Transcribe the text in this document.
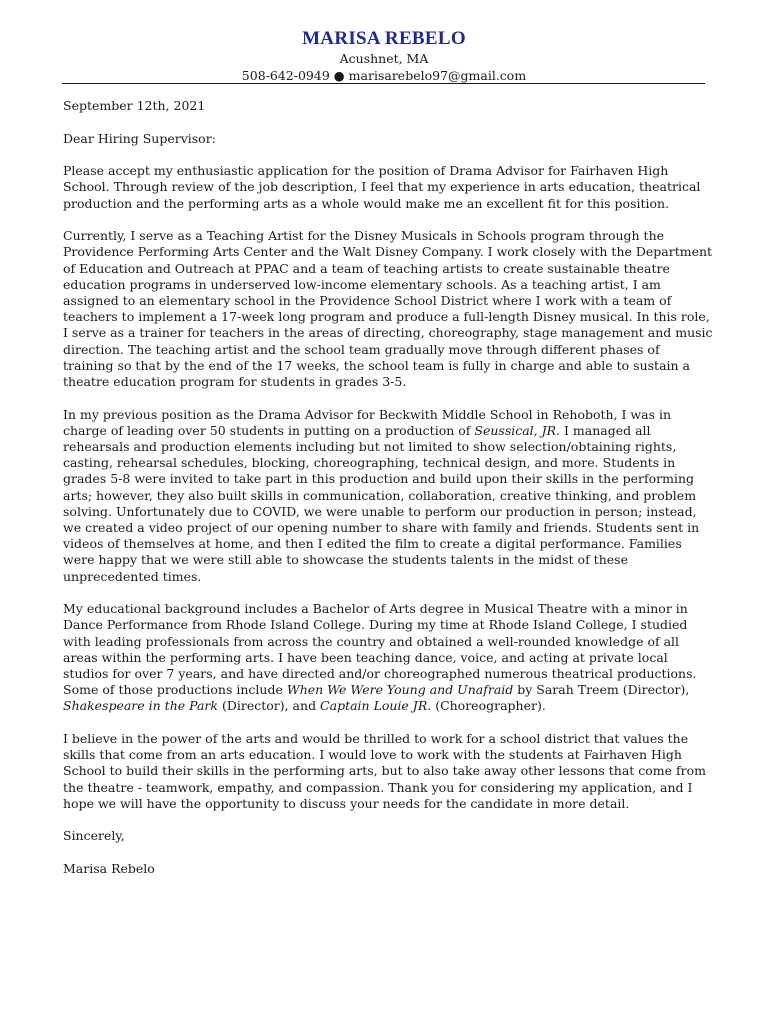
MARISA REBELO
Acushnet, MA
508-642-0949 ● marisarebelo97@gmail.com

September 12th, 2021

Dear Hiring Supervisor:

Please accept my enthusiastic application for the position of Drama Advisor for Fairhaven High School. Through review of the job description, I feel that my experience in arts education, theatrical production and the performing arts as a whole would make me an excellent fit for this position.

Currently, I serve as a Teaching Artist for the Disney Musicals in Schools program through the Providence Performing Arts Center and the Walt Disney Company. I work closely with the Department of Education and Outreach at PPAC and a team of teaching artists to create sustainable theatre education programs in underserved low-income elementary schools. As a teaching artist, I am assigned to an elementary school in the Providence School District where I work with a team of teachers to implement a 17-week long program and produce a full-length Disney musical. In this role, I serve as a trainer for teachers in the areas of directing, choreography, stage management and music direction. The teaching artist and the school team gradually move through different phases of training so that by the end of the 17 weeks, the school team is fully in charge and able to sustain a theatre education program for students in grades 3-5.

In my previous position as the Drama Advisor for Beckwith Middle School in Rehoboth, I was in charge of leading over 50 students in putting on a production of Seussical, JR. I managed all rehearsals and production elements including but not limited to show selection/obtaining rights, casting, rehearsal schedules, blocking, choreographing, technical design, and more. Students in grades 5-8 were invited to take part in this production and build upon their skills in the performing arts; however, they also built skills in communication, collaboration, creative thinking, and problem solving. Unfortunately due to COVID, we were unable to perform our production in person; instead, we created a video project of our opening number to share with family and friends. Students sent in videos of themselves at home, and then I edited the film to create a digital performance. Families were happy that we were still able to showcase the students talents in the midst of these unprecedented times.

My educational background includes a Bachelor of Arts degree in Musical Theatre with a minor in Dance Performance from Rhode Island College. During my time at Rhode Island College, I studied with leading professionals from across the country and obtained a well-rounded knowledge of all areas within the performing arts. I have been teaching dance, voice, and acting at private local studios for over 7 years, and have directed and/or choreographed numerous theatrical productions. Some of those productions include When We Were Young and Unafraid by Sarah Treem (Director), Shakespeare in the Park (Director), and Captain Louie JR. (Choreographer).

I believe in the power of the arts and would be thrilled to work for a school district that values the skills that come from an arts education. I would love to work with the students at Fairhaven High School to build their skills in the performing arts, but to also take away other lessons that come from the theatre - teamwork, empathy, and compassion. Thank you for considering my application, and I hope we will have the opportunity to discuss your needs for the candidate in more detail.

Sincerely,

Marisa Rebelo
